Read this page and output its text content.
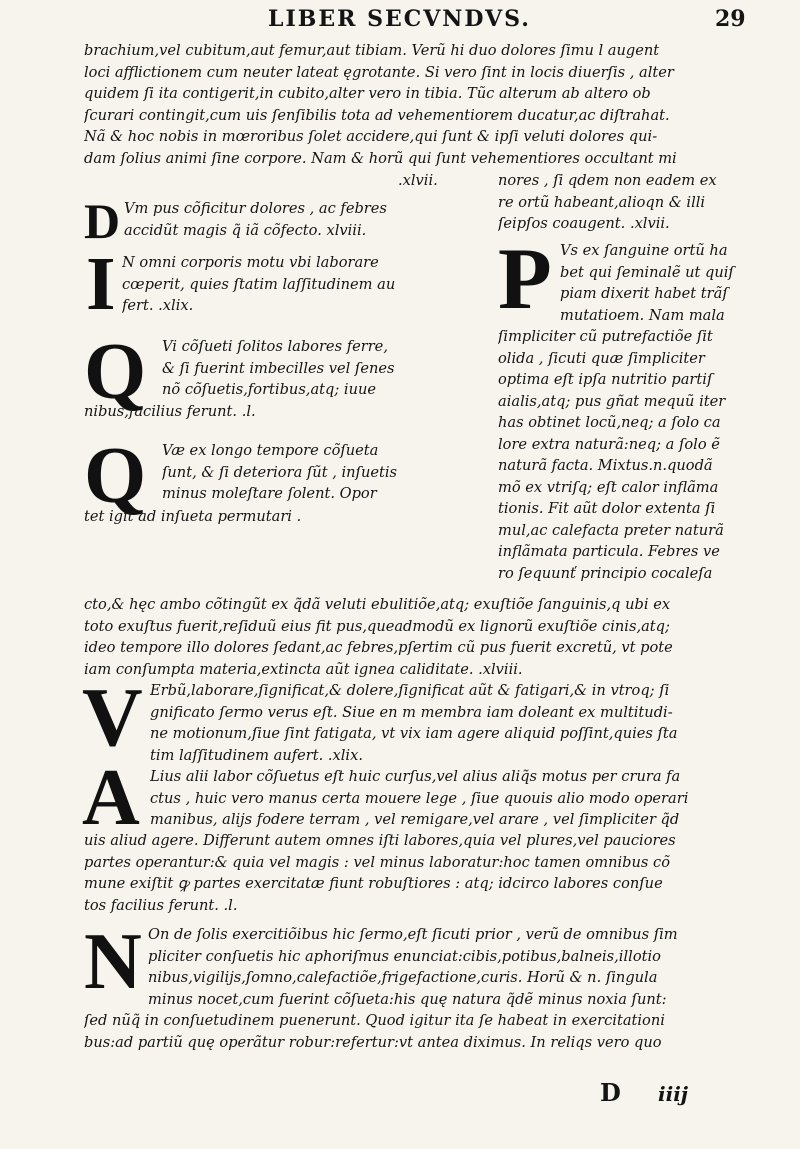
LIBER SECVNDVS.	29
brachium,vel cubitum,aut femur,aut tibiam. Verũ hi duo dolores ſimu l augent
loci afflictionem cum neuter lateat ęgrotante. Si vero ſint in locis diuerſis , alter
quidem ſi ita contigerit,in cubito,alter vero in tibia. Tũc alterum ab altero ob
ſcurari contingit,cum uis ſenſibilis tota ad vehementiorem ducatur,ac diſtrahat.
Nã & hoc nobis in mœroribus ſolet accidere,qui ſunt & ipſi veluti dolores qui-
dam ſolius animi ſine corpore. Nam & horũ qui ſunt vehementiores occultant mi
.xlvii.
D Vm pus cõficitur dolores , ac febres
accidũt magis q̃ iã cõfecto. xlviii.
I N omni corporis motu vbi laborare
cœperit, quies ſtatim laſſitudinem au
fert. .xlix.
Q Vi cõſueti ſolitos labores ferre,
& ſi fuerint imbecilles vel ſenes
nõ cõſuetis,fortibus,atq; iuue
nibus,facilius ferunt. .l.
Q Væ ex longo tempore cõſueta
ſunt, & ſi deteriora ſũt , inſuetis
minus moleſtare ſolent. Opor
tet igiť ad inſueta permutari .
nores , ſi qdem non eadem ex
re ortũ habeant,alioqn & illi
ſeipſos coaugent. .xlvii.
P Vs ex ſanguine ortũ ha
bet qui ſeminalẽ ut quiſ
piam dixerit habet trãſ
mutatioem. Nam mala
ſimpliciter cũ putrefactiõe ſit
olida , ſicuti quæ ſimpliciter
optima eſt ipſa nutritio partiſ
aialis,atq; pus gñat mequũ iter
has obtinet locũ,neq; a ſolo ca
lore extra naturã:neq; a ſolo ẽ
naturã facta. Mixtus.n.quodã
mõ ex vtriſq; eſt calor inflãma
tionis. Fit aũt dolor extenta ſi
mul,ac calefacta preter naturã
inflãmata particula. Febres ve
ro ſequunť principio cocaleſa
cto,& hęc ambo cõtingũt ex q̃dã veluti ebulitiõe,atq; exuſtiõe ſanguinis,q ubi ex
toto exuſtus fuerit,reſiduũ eius fit pus,queadmodũ ex lignorũ exuſtiõe cinis,atq;
ideo tempore illo dolores ſedant,ac febres,pſertim cũ pus fuerit excretũ, vt pote
iam conſumpta materia,extincta aũt ignea caliditate. .xlviii.
V Erbũ,laborare,ſignificat,& dolere,ſignificat aũt & fatigari,& in vtroq; ſi
gnificato ſermo verus eſt. Siue en m membra iam doleant ex multitudi-
ne motionum,ſiue ſint fatigata, vt vix iam agere aliquid poſſint,quies ſta
tim laſſitudinem aufert. .xlix.
A Lius alii labor cõſuetus eſt huic curſus,vel alius aliq̃s motus per crura fa
ctus , huic vero manus certa mouere lege , ſiue quouis alio modo operari
manibus, alijs fodere terram , vel remigare,vel arare , vel ſimpliciter q̃d
uis aliud agere. Differunt autem omnes iſti labores,quia vel plures,vel pauciores
partes operantur:& quia vel magis : vel minus laboratur:hoc tamen omnibus cõ
mune exiſtit ꝙ partes exercitatæ fiunt robuſtiores : atq; idcirco labores conſue
tos facilius ferunt. .l.
N On de ſolis exercitiõibus hic ſermo,eſt ſicuti prior , verũ de omnibus ſim
pliciter conſuetis hic aphoriſmus enunciat:cibis,potibus,balneis,illotio
nibus,vigilijs,ſomno,calefactiõe,frigefactione,curis. Horũ & n. ſingula
minus nocet,cum fuerint cõſueta:his quę natura q̃dẽ minus noxia ſunt:
ſed nũq̃ in conſuetudinem puenerunt. Quod igitur ita ſe habeat in exercitationi
bus:ad partiũ quę operãtur robur:refertur:vt antea diximus. In reliqs vero quo
D iiij
